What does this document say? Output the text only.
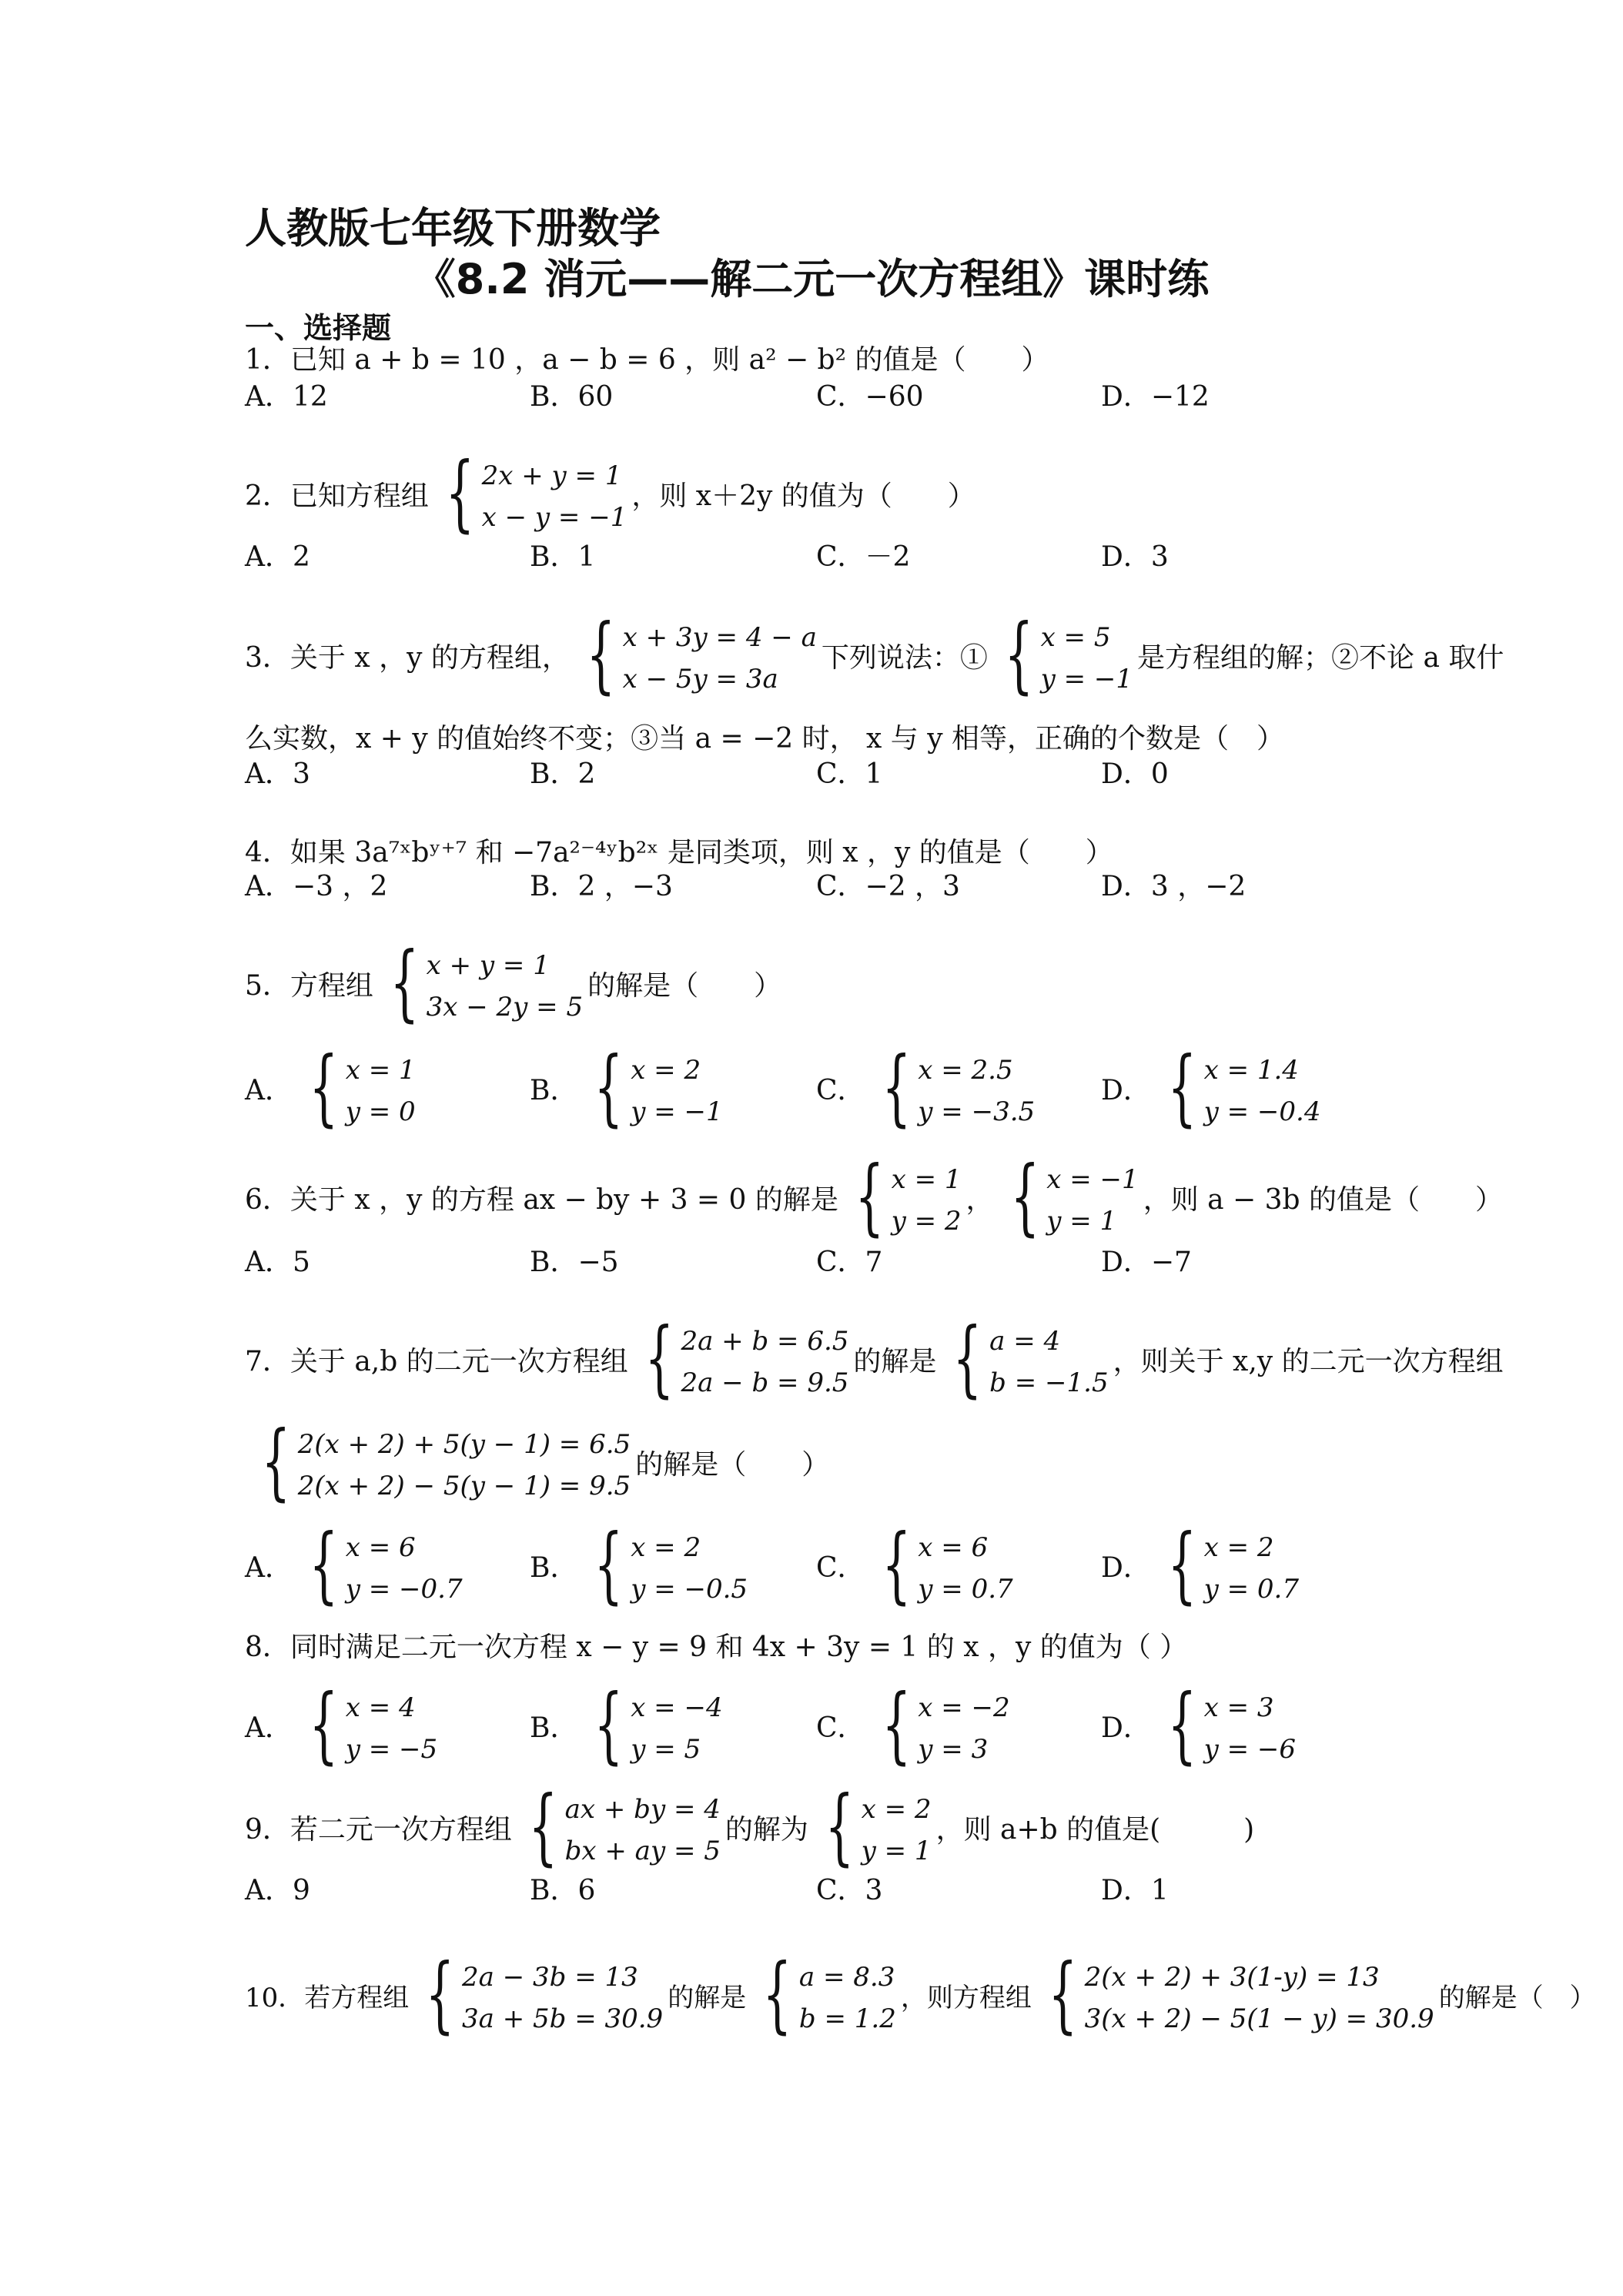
人教版七年级下册数学
《8.2 消元——解二元一次方程组》课时练
一、选择题
1．已知 a + b = 10 ，a − b = 6 ，则 a² − b² 的值是（　　）
A．12	B．60	C．−60	D．−12
2．已知方程组 { 2x + y = 1
x − y = −1
，则 x＋2y 的值为（　　）
A．2	B．1	C．－2	D．3
3．关于 x ，y 的方程组， { x + 3y = 4 − a
x − 5y = 3a
下列说法：① { x = 5
y = −1
是方程组的解；②不论 a 取什
么实数，x + y 的值始终不变；③当 a = −2 时， x 与 y 相等，正确的个数是（　）
A．3	B．2	C．1	D．0
4．如果 3a⁷ˣbʸ⁺⁷ 和 −7a²⁻⁴ʸb²ˣ 是同类项，则 x ，y 的值是（　　）
A．−3 ，2	B．2 ，−3	C．−2 ，3	D．3 ，−2
5．方程组 { x + y = 1
3x − 2y = 5
的解是（　　）
A． { x = 1
y = 0
B． { x = 2
y = −1
C． { x = 2.5
y = −3.5
D． { x = 1.4
y = −0.4
6．关于 x ，y 的方程 ax − by + 3 = 0 的解是 { x = 1
y = 2
， { x = −1
y = 1
，则 a − 3b 的值是（　　）
A．5	B．−5	C．7	D．−7
7．关于 a,b 的二元一次方程组 { 2a + b = 6.5
2a − b = 9.5
的解是 { a = 4
b = −1.5
，则关于 x,y 的二元一次方程组
{ 2(x + 2) + 5(y − 1) = 6.5
2(x + 2) − 5(y − 1) = 9.5
的解是（　　）
A． { x = 6
y = −0.7
B． { x = 2
y = −0.5
C． { x = 6
y = 0.7
D． { x = 2
y = 0.7
8．同时满足二元一次方程 x − y = 9 和 4x + 3y = 1 的 x ，y 的值为（ ）
A． { x = 4
y = −5
B． { x = −4
y = 5
C． { x = −2
y = 3
D． { x = 3
y = −6
9．若二元一次方程组 { ax + by = 4
bx + ay = 5
的解为 { x = 2
y = 1
，则 a+b 的值是(　　　)
A．9	B．6	C．3	D．1
10．若方程组 { 2a − 3b = 13
3a + 5b = 30.9
的解是 { a = 8.3
b = 1.2
，则方程组 { 2(x + 2) + 3(1-y) = 13
3(x + 2) − 5(1 − y) = 30.9
的解是（　）
